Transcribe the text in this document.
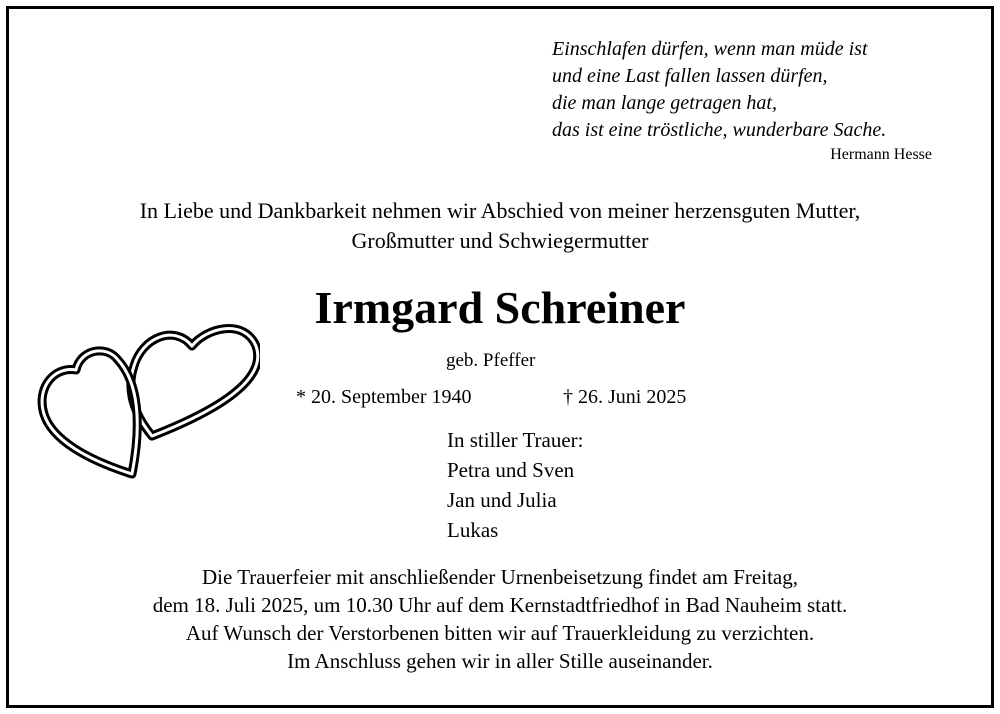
Einschlafen dürfen, wenn man müde ist
und eine Last fallen lassen dürfen,
die man lange getragen hat,
das ist eine tröstliche, wunderbare Sache.
Hermann Hesse
In Liebe und Dankbarkeit nehmen wir Abschied von meiner herzensguten Mutter,
Großmutter und Schwiegermutter
Irmgard Schreiner
geb. Pfeffer
* 20. September 1940	† 26. Juni 2025
In stiller Trauer:
Petra und Sven
Jan und Julia
Lukas
Die Trauerfeier mit anschließender Urnenbeisetzung findet am Freitag,
dem 18. Juli 2025, um 10.30 Uhr auf dem Kernstadtfriedhof in Bad Nauheim statt.
Auf Wunsch der Verstorbenen bitten wir auf Trauerkleidung zu verzichten.
Im Anschluss gehen wir in aller Stille auseinander.
